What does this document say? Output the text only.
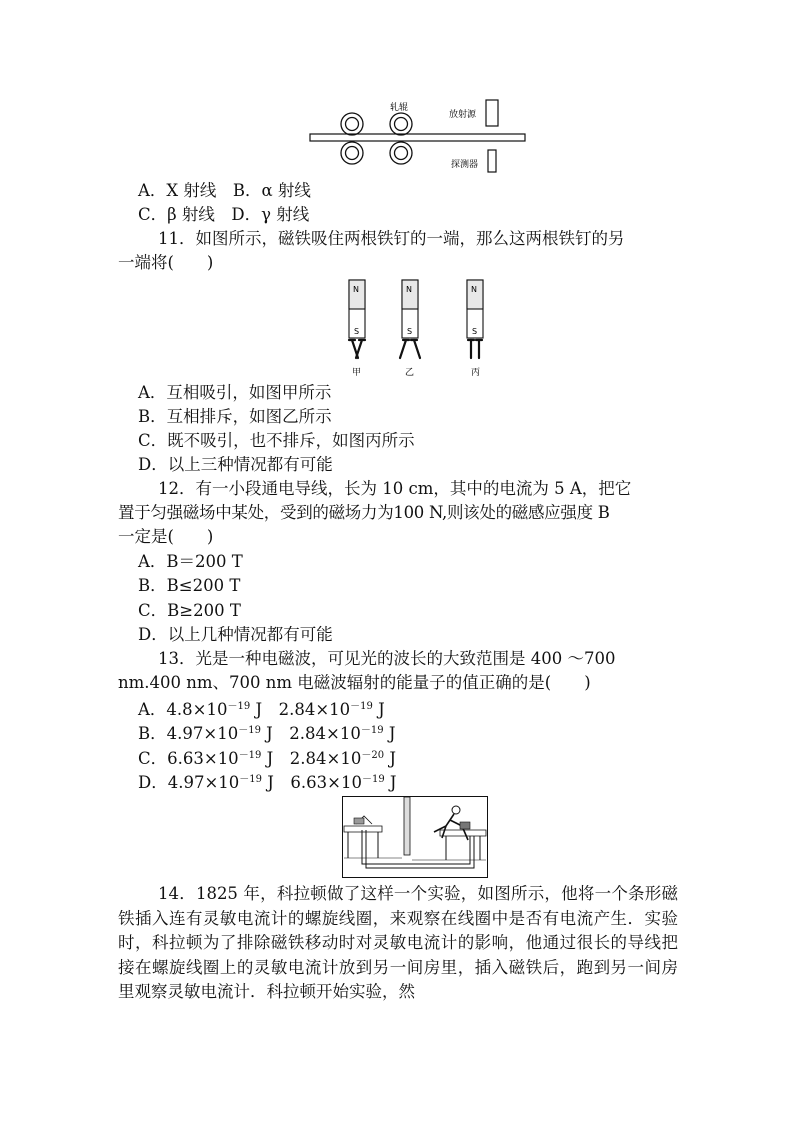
轧辊
放射源
探测器
A．X 射线　B．α 射线
C．β 射线　D．γ 射线
11．如图所示，磁铁吸住两根铁钉的一端，那么这两根铁钉的另
一端将(　　)
N
S
N
S
N
S
甲	乙	丙
A．互相吸引，如图甲所示
B．互相排斥，如图乙所示
C．既不吸引，也不排斥，如图丙所示
D．以上三种情况都有可能
12．有一小段通电导线，长为 10 cm，其中的电流为 5 A，把它
置于匀强磁场中某处，受到的磁场力为100 N,则该处的磁感应强度 B
一定是(　　)
A．B＝200 T
B．B≤200 T
C．B≥200 T
D．以上几种情况都有可能
13．光是一种电磁波，可见光的波长的大致范围是 400 ～700
nm.400 nm、700 nm 电磁波辐射的能量子的值正确的是(　　)
A．$4.8\times 10^{-19}$ J　$2.84\times 10^{-19}$ J
B．$4.97\times 10^{-19}$ J　$2.84\times 10^{-19}$ J
C．$6.63\times 10^{-19}$ J　$2.84\times 10^{-20}$ J
D．$4.97\times 10^{-19}$ J　$6.63\times 10^{-19}$ J
14．1825 年，科拉顿做了这样一个实验，如图所示，他将一个条形磁铁插入连有灵敏电流计的螺旋线圈，来观察在线圈中是否有电流产生．实验时，科拉顿为了排除磁铁移动时对灵敏电流计的影响，他通过很长的导线把接在螺旋线圈上的灵敏电流计放到另一间房里，插入磁铁后，跑到另一间房里观察灵敏电流计．科拉顿开始实验，然
